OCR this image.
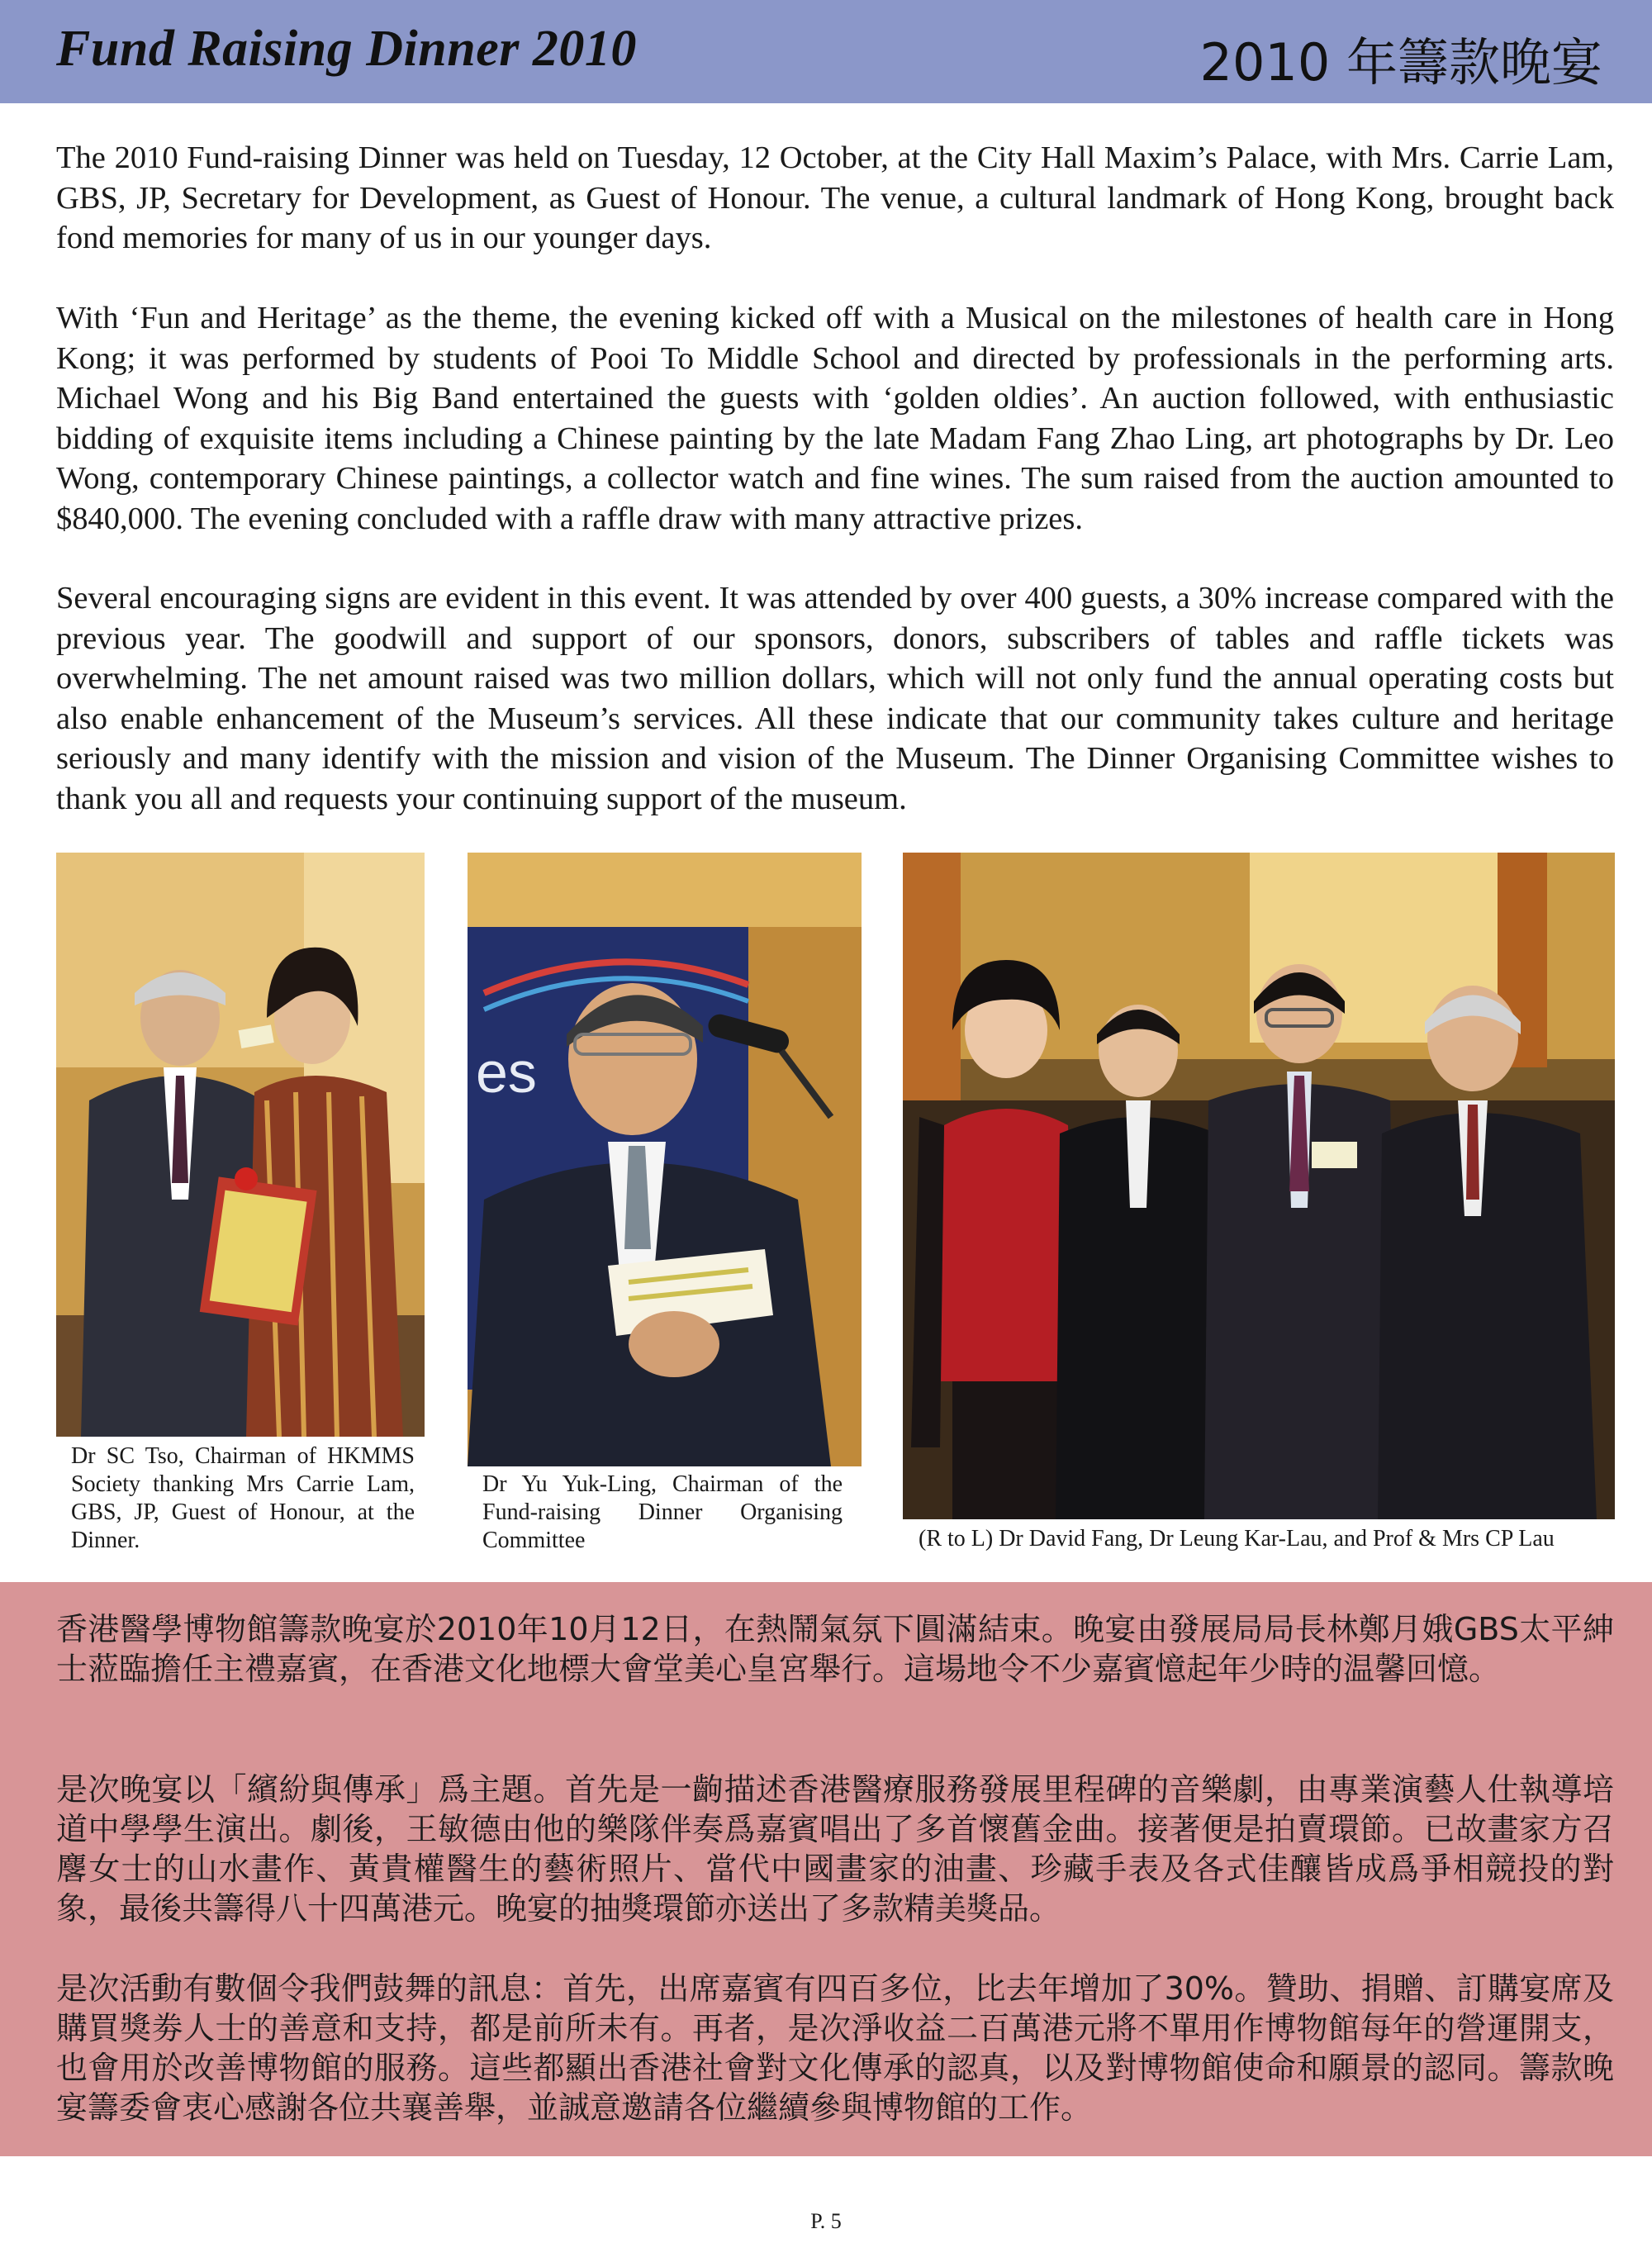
Fund Raising Dinner 2010	2010 年籌款晚宴

The 2010 Fund-raising Dinner was held on Tuesday, 12 October, at the City Hall Maxim’s Palace, with Mrs. Carrie Lam, GBS, JP, Secretary for Development, as Guest of Honour. The venue, a cultural landmark of Hong Kong, brought back fond memories for many of us in our younger days.

With ‘Fun and Heritage’ as the theme, the evening kicked off with a Musical on the milestones of health care in Hong Kong; it was performed by students of Pooi To Middle School and directed by professionals in the performing arts. Michael Wong and his Big Band entertained the guests with ‘golden oldies’. An auction followed, with enthusiastic bidding of exquisite items including a Chinese painting by the late Madam Fang Zhao Ling, art photographs by Dr. Leo Wong, contemporary Chinese paintings, a collector watch and fine wines. The sum raised from the auction amounted to $840,000. The evening concluded with a raffle draw with many attractive prizes.

Several encouraging signs are evident in this event. It was attended by over 400 guests, a 30% increase compared with the previous year. The goodwill and support of our sponsors, donors, subscribers of tables and raffle tickets was overwhelming. The net amount raised was two million dollars, which will not only fund the annual operating costs but also enable enhancement of the Museum’s services. All these indicate that our community takes culture and heritage seriously and many identify with the mission and vision of the Museum. The Dinner Organising Committee wishes to thank you all and requests your continuing support of the museum.

Dr SC Tso, Chairman of HKMMS Society thanking Mrs Carrie Lam, GBS, JP, Guest of Honour, at the Dinner.

es

Dr Yu Yuk-Ling, Chairman of the Fund-raising Dinner Organising Committee	(R to L) Dr David Fang, Dr Leung Kar-Lau, and Prof & Mrs CP Lau

香港醫學博物館籌款晚宴於2010年10月12日，在熱鬧氣氛下圓滿結束。晚宴由發展局局長林鄭月娥GBS太平紳士蒞臨擔任主禮嘉賓，在香港文化地標大會堂美心皇宮舉行。這場地令不少嘉賓憶起年少時的温馨回憶。

是次晚宴以「繽紛與傳承」爲主題。首先是一齣描述香港醫療服務發展里程碑的音樂劇，由專業演藝人仕執導培道中學學生演出。劇後，王敏德由他的樂隊伴奏爲嘉賓唱出了多首懷舊金曲。接著便是拍賣環節。已故畫家方召麐女士的山水畫作、黃貴權醫生的藝術照片、當代中國畫家的油畫、珍藏手表及各式佳釀皆成爲爭相競投的對象，最後共籌得八十四萬港元。晚宴的抽獎環節亦送出了多款精美獎品。

是次活動有數個令我們鼓舞的訊息：首先，出席嘉賓有四百多位，比去年增加了30%。贊助、捐贈、訂購宴席及購買獎劵人士的善意和支持，都是前所未有。再者，是次淨收益二百萬港元將不單用作博物館每年的營運開支，也會用於改善博物館的服務。這些都顯出香港社會對文化傳承的認真，以及對博物館使命和願景的認同。籌款晚宴籌委會衷心感謝各位共襄善舉，並誠意邀請各位繼續參與博物館的工作。

P. 5
